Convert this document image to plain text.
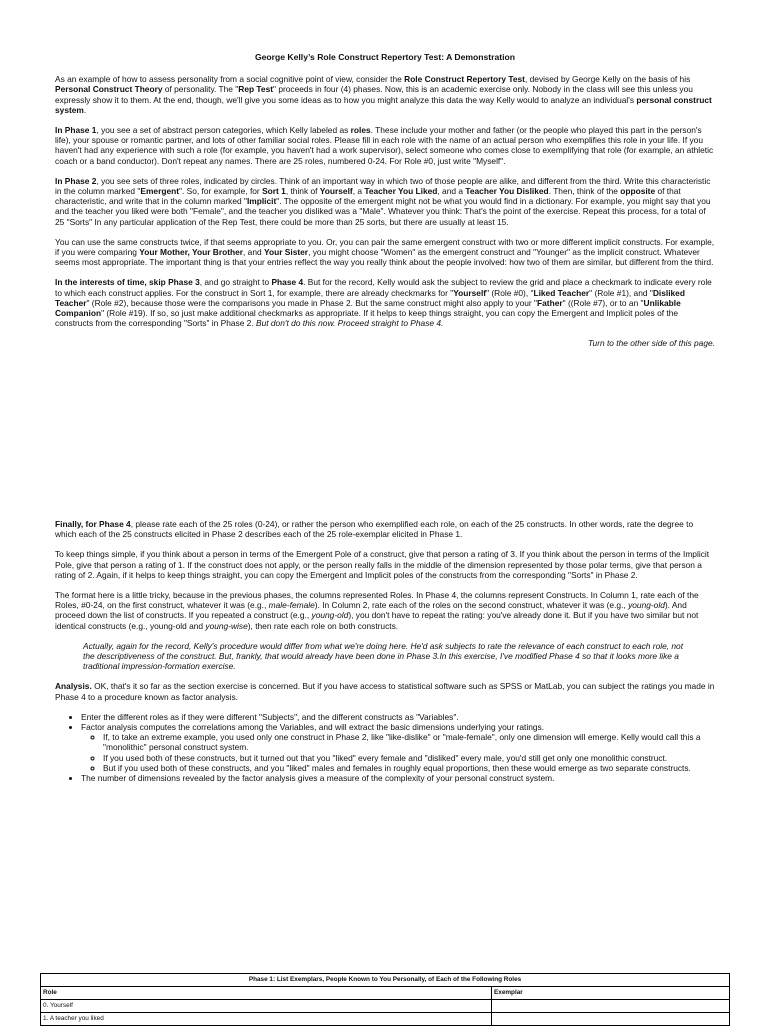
George Kelly’s Role Construct Repertory Test: A Demonstration

As an example of how to assess personality from a social cognitive point of view, consider the Role Construct Repertory Test, devised by George Kelly on the basis of his Personal Construct Theory of personality. The "Rep Test" proceeds in four (4) phases. Now, this is an academic exercise only. Nobody in the class will see this unless you expressly show it to them. At the end, though, we'll give you some ideas as to how you might analyze this data the way Kelly would to analyze an individual's personal construct system.

In Phase 1, you see a set of abstract person categories, which Kelly labeled as roles. These include your mother and father (or the people who played this part in the person's life), your spouse or romantic partner, and lots of other familiar social roles. Please fill in each role with the name of an actual person who exemplifies this role in your life. If you haven't had any experience with such a role (for example, you haven't had a work supervisor), select someone who comes close to exemplifying that role (for example, an athletic coach or a band conductor). Don't repeat any names. There are 25 roles, numbered 0-24. For Role #0, just write "Myself".

In Phase 2, you see sets of three roles, indicated by circles. Think of an important way in which two of those people are alike, and different from the third. Write this characteristic in the column marked "Emergent". So, for example, for Sort 1, think of Yourself, a Teacher You Liked, and a Teacher You Disliked. Then, think of the opposite of that characteristic, and write that in the column marked "Implicit". The opposite of the emergent might not be what you would find in a dictionary. For example, you might say that you and the teacher you liked were both "Female", and the teacher you disliked was a "Male". Whatever you think: That's the point of the exercise. Repeat this process, for a total of 25 "Sorts" In any particular application of the Rep Test, there could be more than 25 sorts, but there are usually at least 15.

You can use the same constructs twice, if that seems appropriate to you. Or, you can pair the same emergent construct with two or more different implicit constructs. For example, if you were comparing Your Mother, Your Brother, and Your Sister, you might choose "Women" as the emergent construct and "Younger" as the implicit construct. Whatever seems most appropriate. The important thing is that your entries reflect the way you really think about the people involved: how two of them are similar, but different from the third.

In the interests of time, skip Phase 3, and go straight to Phase 4. But for the record, Kelly would ask the subject to review the grid and place a checkmark to indicate every role to which each construct applies. For the construct in Sort 1, for example, there are already checkmarks for "Yourself" (Role #0), "Liked Teacher" (Role #1), and "Disliked Teacher" (Role #2), because those were the comparisons you made in Phase 2. But the same construct might also apply to your "Father" ((Role #7), or to an "Unlikable Companion" (Role #19). If so, so just make additional checkmarks as appropriate. If it helps to keep things straight, you can copy the Emergent and Implicit poles of the constructs from the corresponding "Sorts" in Phase 2. But don't do this now. Proceed straight to Phase 4.

Turn to the other side of this page.

Finally, for Phase 4, please rate each of the 25 roles (0-24), or rather the person who exemplified each role, on each of the 25 constructs. In other words, rate the degree to which each of the 25 constructs elicited in Phase 2 describes each of the 25 role-exemplar elicited in Phase 1.

To keep things simple, if you think about a person in terms of the Emergent Pole of a construct, give that person a rating of 3. If you think about the person in terms of the Implicit Pole, give that person a rating of 1. If the construct does not apply, or the person really falls in the middle of the dimension represented by those polar terms, give that person a rating of 2. Again, if it helps to keep things straight, you can copy the Emergent and Implicit poles of the constructs from the corresponding "Sorts" in Phase 2.

The format here is a little tricky, because in the previous phases, the columns represented Roles. In Phase 4, the columns represent Constructs. In Column 1, rate each of the Roles, #0-24, on the first construct, whatever it was (e.g., male-female). In Column 2, rate each of the roles on the second construct, whatever it was (e.g., young-old). And proceed down the list of constructs. If you repeated a construct (e.g., young-old), you don't have to repeat the rating: you've already done it. But if you have two similar but not identical constructs (e.g., young-old and young-wise), then rate each role on both constructs.

Actually, again for the record, Kelly's procedure would differ from what we're doing here. He'd ask subjects to rate the relevance of each construct to each role, not the descriptiveness of the construct. But, frankly, that would already have been done in Phase 3.In this exercise, I've modified Phase 4 so that it looks more like a traditional impression-formation exercise.

Analysis. OK, that's it so far as the section exercise is concerned. But if you have access to statistical software such as SPSS or MatLab, you can subject the ratings you made in Phase 4 to a procedure known as factor analysis.

• Enter the different roles as if they were different "Subjects", and the different constructs as "Variables".
• Factor analysis computes the correlations among the Variables, and will extract the basic dimensions underlying your ratings.
◦ If, to take an extreme example, you used only one construct in Phase 2, like "like-dislike" or "male-female", only one dimension will emerge. Kelly would call this a "monolithic" personal construct system.
◦ If you used both of these constructs, but it turned out that you "liked" every female and "disliked" every male, you'd still get only one monolithic construct.
◦ But if you used both of these constructs, and you "liked" males and females in roughly equal proportions, then these would emerge as two separate constructs.
• The number of dimensions revealed by the factor analysis gives a measure of the complexity of your personal construct system.
Phase 1: List Exemplars, People Known to You Personally, of Each of the Following Roles	
Role	Exemplar
0. Yourself	
1. A teacher you liked	
